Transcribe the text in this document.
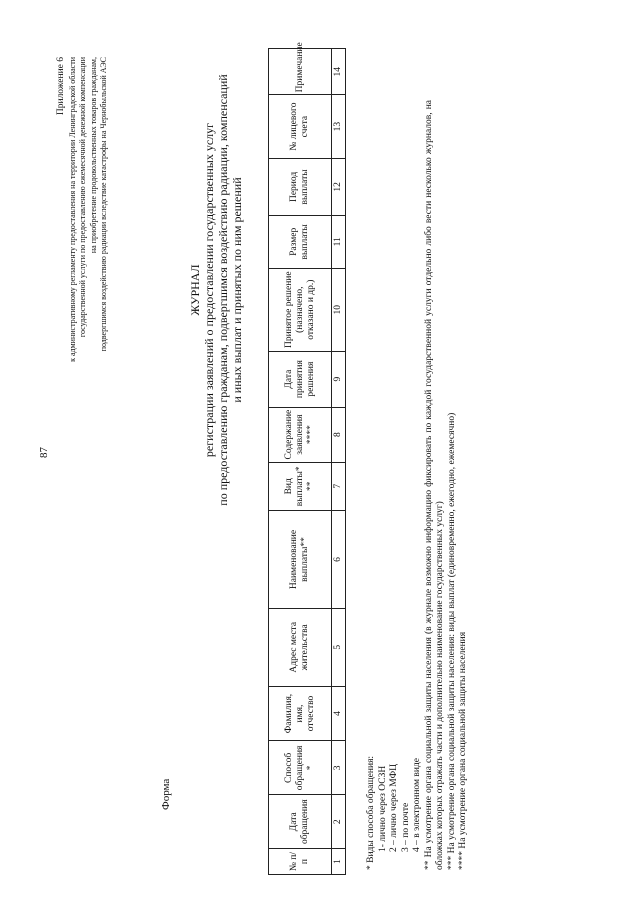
87
Приложение 6 к административному регламенту предоставления на территории Ленинградской области государственной услуги по предоставлению ежемесячной денежной компенсации на приобретение продовольственных товаров гражданам, подвергшимся воздействию радиации вследствие катастрофы на Чернобыльской АЭС
Форма
ЖУРНАЛ регистрации заявлений о предоставлении государственных услуг по предоставлению гражданам, подвергшимся воздействию радиации, компенсаций и иных выплат и принятых по ним решений
№ п/п	Дата обращения	Способ обращения *	Фамилия, имя, отчество	Адрес места жительства	Наименование выплаты**	Вид выплаты* **	Содержание заявления ****	Дата принятия решения	Принятое решение (назначено, отказано и др.)	Размер выплаты	Период выплаты	№ лицевого счета	Примечание
1	2	3	4	5	6	7	8	9	10	11	12	13	14
* Виды способа обращения: 1- лично через ОСЗН 2 – лично через МФЦ 3 – по почте 4 – в электронном виде ** На усмотрение органа социальной защиты населения (в журнале возможно информацию фиксировать по каждой государственной услуги отдельно либо вести несколько журналов, на обложках которых отражать части и дополнительно наименование государственных услуг) *** На усмотрение органа социальной защиты населения: виды выплат (единовременно, ежегодно, ежемесячно) **** На усмотрение органа социальной защиты населения
